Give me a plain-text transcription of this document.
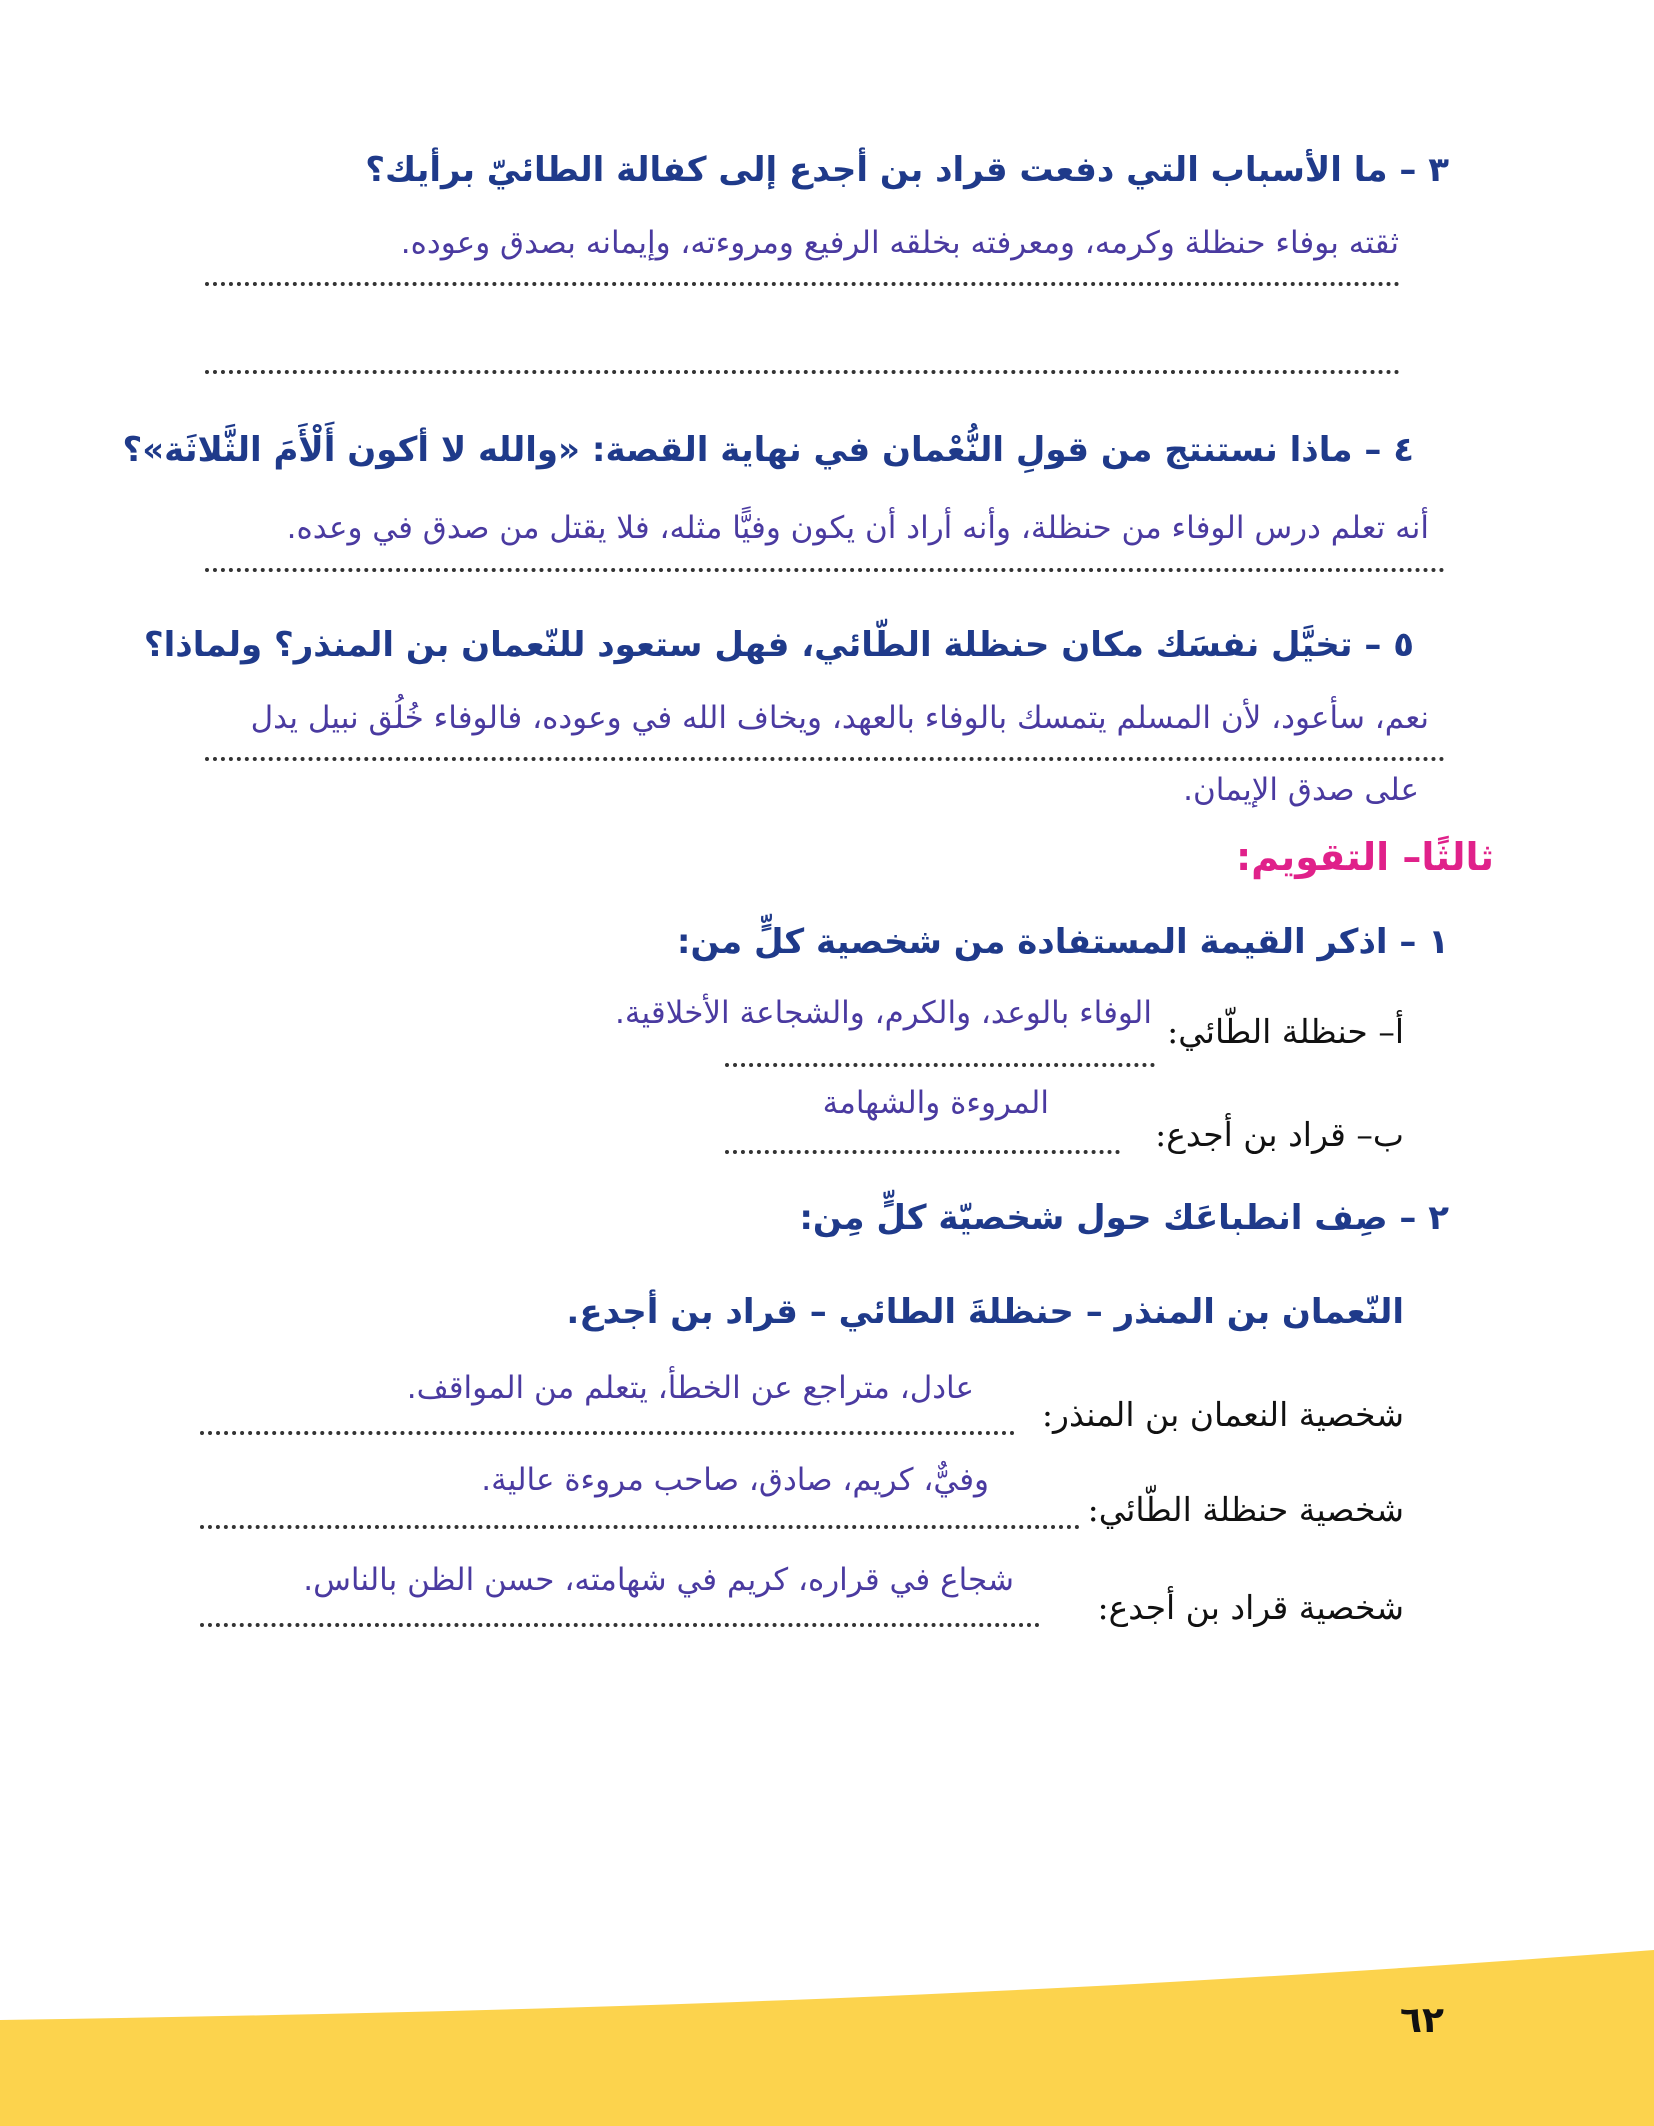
٣ – ما الأسباب التي دفعت قراد بن أجدع إلى كفالة الطائيّ برأيك؟
ثقته بوفاء حنظلة وكرمه، ومعرفته بخلقه الرفيع ومروءته، وإيمانه بصدق وعوده.
٤ – ماذا نستنتج من قولِ النُّعْمان في نهاية القصة: «والله لا أكون أَلْأَمَ الثَّلاثَة»؟
أنه تعلم درس الوفاء من حنظلة، وأنه أراد أن يكون وفيًّا مثله، فلا يقتل من صدق في وعده.
٥ – تخيَّل نفسَك مكان حنظلة الطّائي، فهل ستعود للنّعمان بن المنذر؟ ولماذا؟
نعم، سأعود، لأن المسلم يتمسك بالوفاء بالعهد، ويخاف الله في وعوده، فالوفاء خُلُق نبيل يدل
على صدق الإيمان.
ثالثًا– التقويم:
١ – اذكر القيمة المستفادة من شخصية كلٍّ من:
أ– حنظلة الطّائي:
الوفاء بالوعد، والكرم، والشجاعة الأخلاقية.
المروءة والشهامة
ب– قراد بن أجدع:
٢ – صِف انطباعَك حول شخصيّة كلٍّ مِن:
النّعمان بن المنذر – حنظلةَ الطائي – قراد بن أجدع.
عادل، متراجع عن الخطأ، يتعلم من المواقف.
شخصية النعمان بن المنذر:
وفيٌّ، كريم، صادق، صاحب مروءة عالية.
شخصية حنظلة الطّائي:
شجاع في قراره، كريم في شهامته، حسن الظن بالناس.
شخصية قراد بن أجدع:
٦٢
